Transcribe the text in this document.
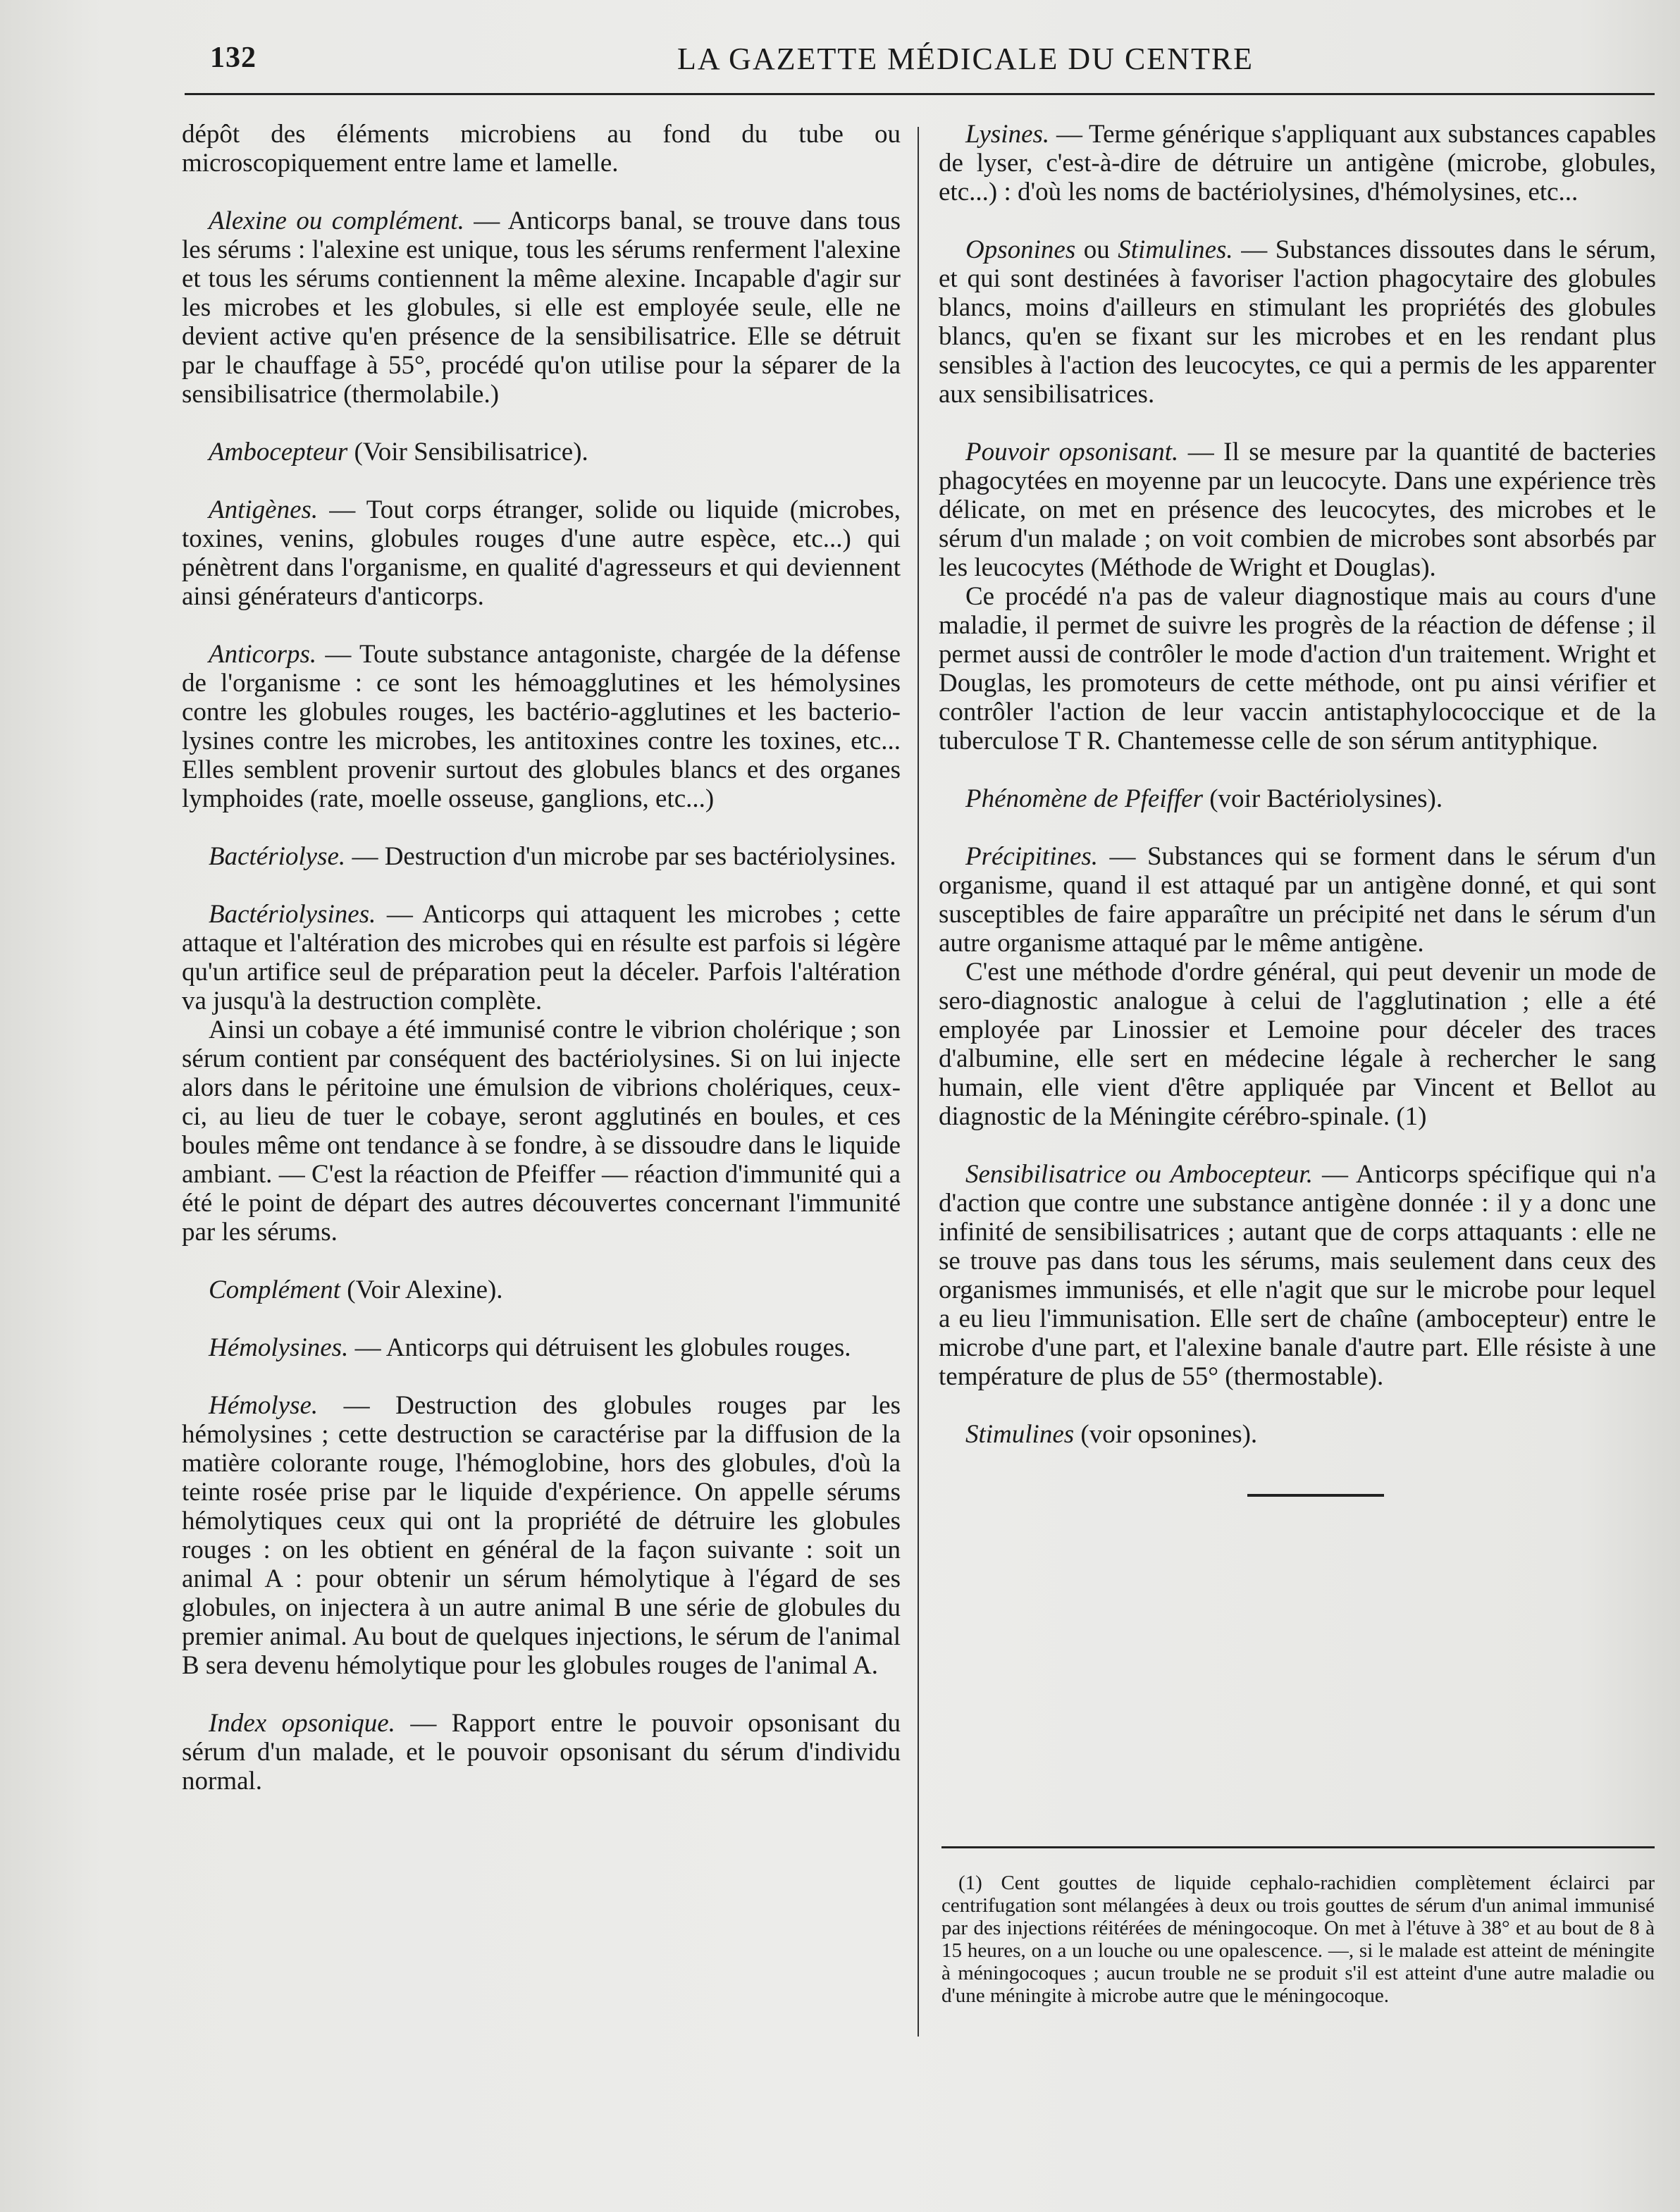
132	LA GAZETTE MÉDICALE DU CENTRE

dépôt des éléments microbiens au fond du tube ou microscopiquement entre lame et lamelle.

Alexine ou complément. — Anticorps banal, se trouve dans tous les sérums : l'alexine est unique, tous les sérums renferment l'alexine et tous les sérums contiennent la même alexine. Incapable d'agir sur les microbes et les globules, si elle est employée seule, elle ne devient active qu'en présence de la sensibilisatrice. Elle se détruit par le chauffage à 55°, procédé qu'on utilise pour la séparer de la sensibilisatrice (thermolabile.)

Ambocepteur (Voir Sensibilisatrice).

Antigènes. — Tout corps étranger, solide ou liquide (microbes, toxines, venins, globules rouges d'une autre espèce, etc...) qui pénètrent dans l'organisme, en qualité d'agresseurs et qui deviennent ainsi générateurs d'anticorps.

Anticorps. — Toute substance antagoniste, chargée de la défense de l'organisme : ce sont les hémoagglutines et les hémolysines contre les globules rouges, les bactério-agglutines et les bacterio-lysines contre les microbes, les antitoxines contre les toxines, etc... Elles semblent provenir surtout des globules blancs et des organes lymphoides (rate, moelle osseuse, ganglions, etc...)

Bactériolyse. — Destruction d'un microbe par ses bactériolysines.

Bactériolysines. — Anticorps qui attaquent les microbes ; cette attaque et l'altération des microbes qui en résulte est parfois si légère qu'un artifice seul de préparation peut la déceler. Parfois l'altération va jusqu'à la destruction complète.

Ainsi un cobaye a été immunisé contre le vibrion cholérique ; son sérum contient par conséquent des bactériolysines. Si on lui injecte alors dans le péritoine une émulsion de vibrions cholériques, ceux-ci, au lieu de tuer le cobaye, seront agglutinés en boules, et ces boules même ont tendance à se fondre, à se dissoudre dans le liquide ambiant. — C'est la réaction de Pfeiffer — réaction d'immunité qui a été le point de départ des autres découvertes concernant l'immunité par les sérums.

Complément (Voir Alexine).

Hémolysines. — Anticorps qui détruisent les globules rouges.

Hémolyse. — Destruction des globules rouges par les hémolysines ; cette destruction se caractérise par la diffusion de la matière colorante rouge, l'hémoglobine, hors des globules, d'où la teinte rosée prise par le liquide d'expérience. On appelle sérums hémolytiques ceux qui ont la propriété de détruire les globules rouges : on les obtient en général de la façon suivante : soit un animal A : pour obtenir un sérum hémolytique à l'égard de ses globules, on injectera à un autre animal B une série de globules du premier animal. Au bout de quelques injections, le sérum de l'animal B sera devenu hémolytique pour les globules rouges de l'animal A.

Index opsonique. — Rapport entre le pouvoir opsonisant du sérum d'un malade, et le pouvoir opsonisant du sérum d'individu normal.

Lysines. — Terme générique s'appliquant aux substances capables de lyser, c'est-à-dire de détruire un antigène (microbe, globules, etc...) : d'où les noms de bactériolysines, d'hémolysines, etc...

Opsonines ou Stimulines. — Substances dissoutes dans le sérum, et qui sont destinées à favoriser l'action phagocytaire des globules blancs, moins d'ailleurs en stimulant les propriétés des globules blancs, qu'en se fixant sur les microbes et en les rendant plus sensibles à l'action des leucocytes, ce qui a permis de les apparenter aux sensibilisatrices.

Pouvoir opsonisant. — Il se mesure par la quantité de bacteries phagocytées en moyenne par un leucocyte. Dans une expérience très délicate, on met en présence des leucocytes, des microbes et le sérum d'un malade ; on voit combien de microbes sont absorbés par les leucocytes (Méthode de Wright et Douglas).

Ce procédé n'a pas de valeur diagnostique mais au cours d'une maladie, il permet de suivre les progrès de la réaction de défense ; il permet aussi de contrôler le mode d'action d'un traitement. Wright et Douglas, les promoteurs de cette méthode, ont pu ainsi vérifier et contrôler l'action de leur vaccin antistaphylococcique et de la tuberculose T R. Chantemesse celle de son sérum antityphique.

Phénomène de Pfeiffer (voir Bactériolysines).

Précipitines. — Substances qui se forment dans le sérum d'un organisme, quand il est attaqué par un antigène donné, et qui sont susceptibles de faire apparaître un précipité net dans le sérum d'un autre organisme attaqué par le même antigène.

C'est une méthode d'ordre général, qui peut devenir un mode de sero-diagnostic analogue à celui de l'agglutination ; elle a été employée par Linossier et Lemoine pour déceler des traces d'albumine, elle sert en médecine légale à rechercher le sang humain, elle vient d'être appliquée par Vincent et Bellot au diagnostic de la Méningite cérébro-spinale. (1)

Sensibilisatrice ou Ambocepteur. — Anticorps spécifique qui n'a d'action que contre une substance antigène donnée : il y a donc une infinité de sensibilisatrices ; autant que de corps attaquants : elle ne se trouve pas dans tous les sérums, mais seulement dans ceux des organismes immunisés, et elle n'agit que sur le microbe pour lequel a eu lieu l'immunisation. Elle sert de chaîne (ambocepteur) entre le microbe d'une part, et l'alexine banale d'autre part. Elle résiste à une température de plus de 55° (thermostable).

Stimulines (voir opsonines).

(1) Cent gouttes de liquide cephalo-rachidien complètement éclairci par centrifugation sont mélangées à deux ou trois gouttes de sérum d'un animal immunisé par des injections réitérées de méningocoque. On met à l'étuve à 38° et au bout de 8 à 15 heures, on a un louche ou une opalescence. —, si le malade est atteint de méningite à méningocoques ; aucun trouble ne se produit s'il est atteint d'une autre maladie ou d'une méningite à microbe autre que le méningocoque.
